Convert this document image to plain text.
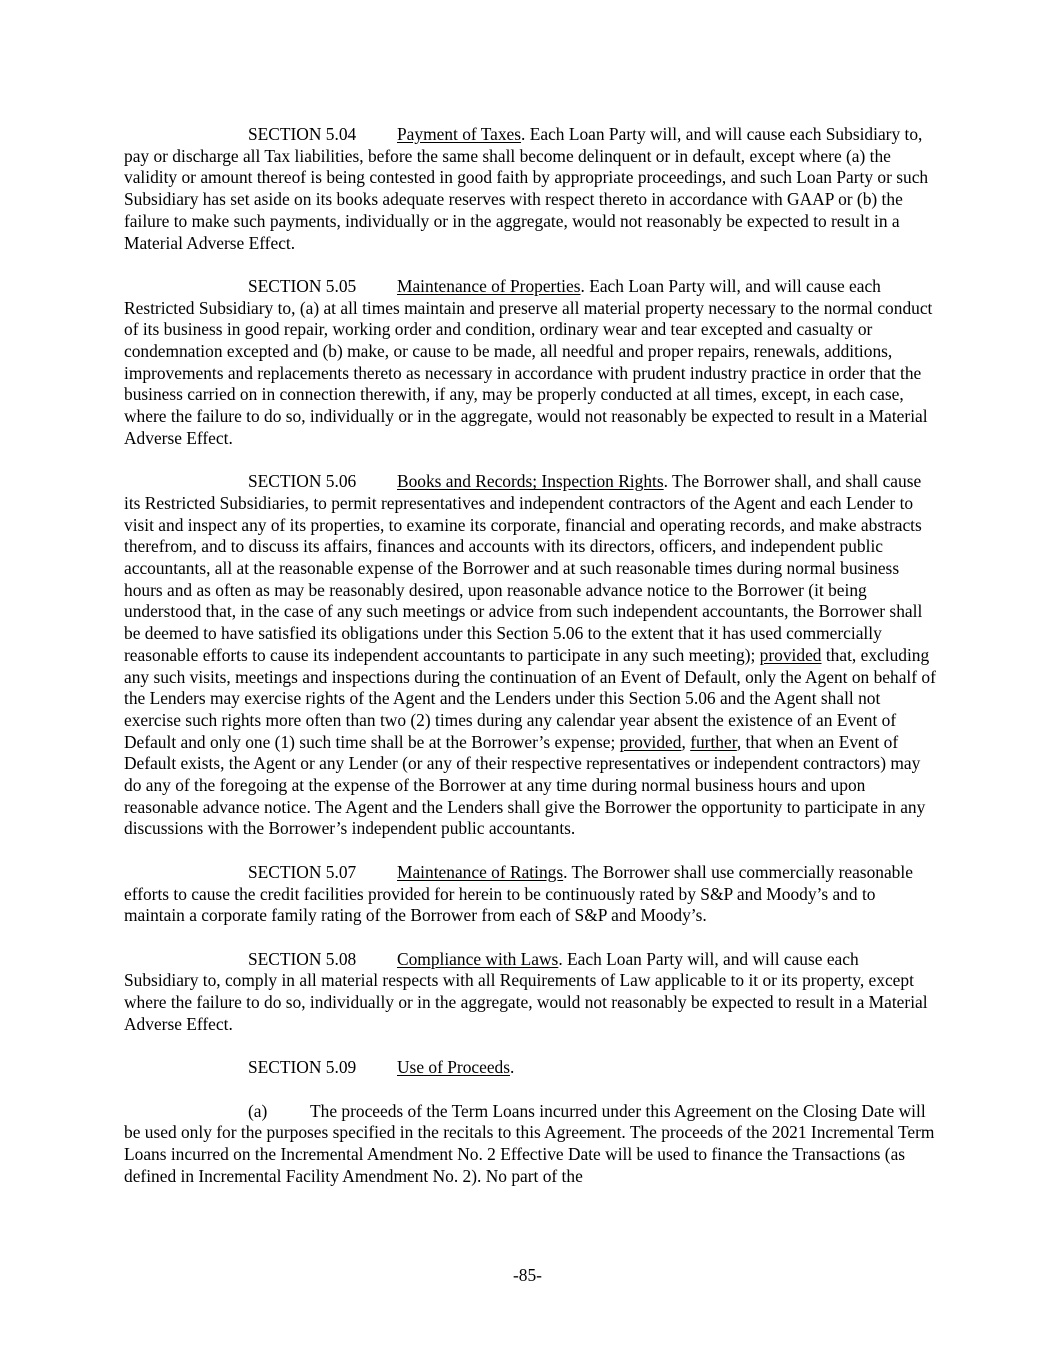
SECTION 5.04 Payment of Taxes. Each Loan Party will, and will cause each Subsidiary to, pay or discharge all Tax liabilities, before the same shall become delinquent or in default, except where (a) the validity or amount thereof is being contested in good faith by appropriate proceedings, and such Loan Party or such Subsidiary has set aside on its books adequate reserves with respect thereto in accordance with GAAP or (b) the failure to make such payments, individually or in the aggregate, would not reasonably be expected to result in a Material Adverse Effect.

SECTION 5.05 Maintenance of Properties. Each Loan Party will, and will cause each Restricted Subsidiary to, (a) at all times maintain and preserve all material property necessary to the normal conduct of its business in good repair, working order and condition, ordinary wear and tear excepted and casualty or condemnation excepted and (b) make, or cause to be made, all needful and proper repairs, renewals, additions, improvements and replacements thereto as necessary in accordance with prudent industry practice in order that the business carried on in connection therewith, if any, may be properly conducted at all times, except, in each case, where the failure to do so, individually or in the aggregate, would not reasonably be expected to result in a Material Adverse Effect.

SECTION 5.06 Books and Records; Inspection Rights. The Borrower shall, and shall cause its Restricted Subsidiaries, to permit representatives and independent contractors of the Agent and each Lender to visit and inspect any of its properties, to examine its corporate, financial and operating records, and make abstracts therefrom, and to discuss its affairs, finances and accounts with its directors, officers, and independent public accountants, all at the reasonable expense of the Borrower and at such reasonable times during normal business hours and as often as may be reasonably desired, upon reasonable advance notice to the Borrower (it being understood that, in the case of any such meetings or advice from such independent accountants, the Borrower shall be deemed to have satisfied its obligations under this Section 5.06 to the extent that it has used commercially reasonable efforts to cause its independent accountants to participate in any such meeting); provided that, excluding any such visits, meetings and inspections during the continuation of an Event of Default, only the Agent on behalf of the Lenders may exercise rights of the Agent and the Lenders under this Section 5.06 and the Agent shall not exercise such rights more often than two (2) times during any calendar year absent the existence of an Event of Default and only one (1) such time shall be at the Borrower’s expense; provided, further, that when an Event of Default exists, the Agent or any Lender (or any of their respective representatives or independent contractors) may do any of the foregoing at the expense of the Borrower at any time during normal business hours and upon reasonable advance notice. The Agent and the Lenders shall give the Borrower the opportunity to participate in any discussions with the Borrower’s independent public accountants.

SECTION 5.07 Maintenance of Ratings. The Borrower shall use commercially reasonable efforts to cause the credit facilities provided for herein to be continuously rated by S&P and Moody’s and to maintain a corporate family rating of the Borrower from each of S&P and Moody’s.

SECTION 5.08 Compliance with Laws. Each Loan Party will, and will cause each Subsidiary to, comply in all material respects with all Requirements of Law applicable to it or its property, except where the failure to do so, individually or in the aggregate, would not reasonably be expected to result in a Material Adverse Effect.

SECTION 5.09 Use of Proceeds.

(a) The proceeds of the Term Loans incurred under this Agreement on the Closing Date will be used only for the purposes specified in the recitals to this Agreement. The proceeds of the 2021 Incremental Term Loans incurred on the Incremental Amendment No. 2 Effective Date will be used to finance the Transactions (as defined in Incremental Facility Amendment No. 2). No part of the

-85-
